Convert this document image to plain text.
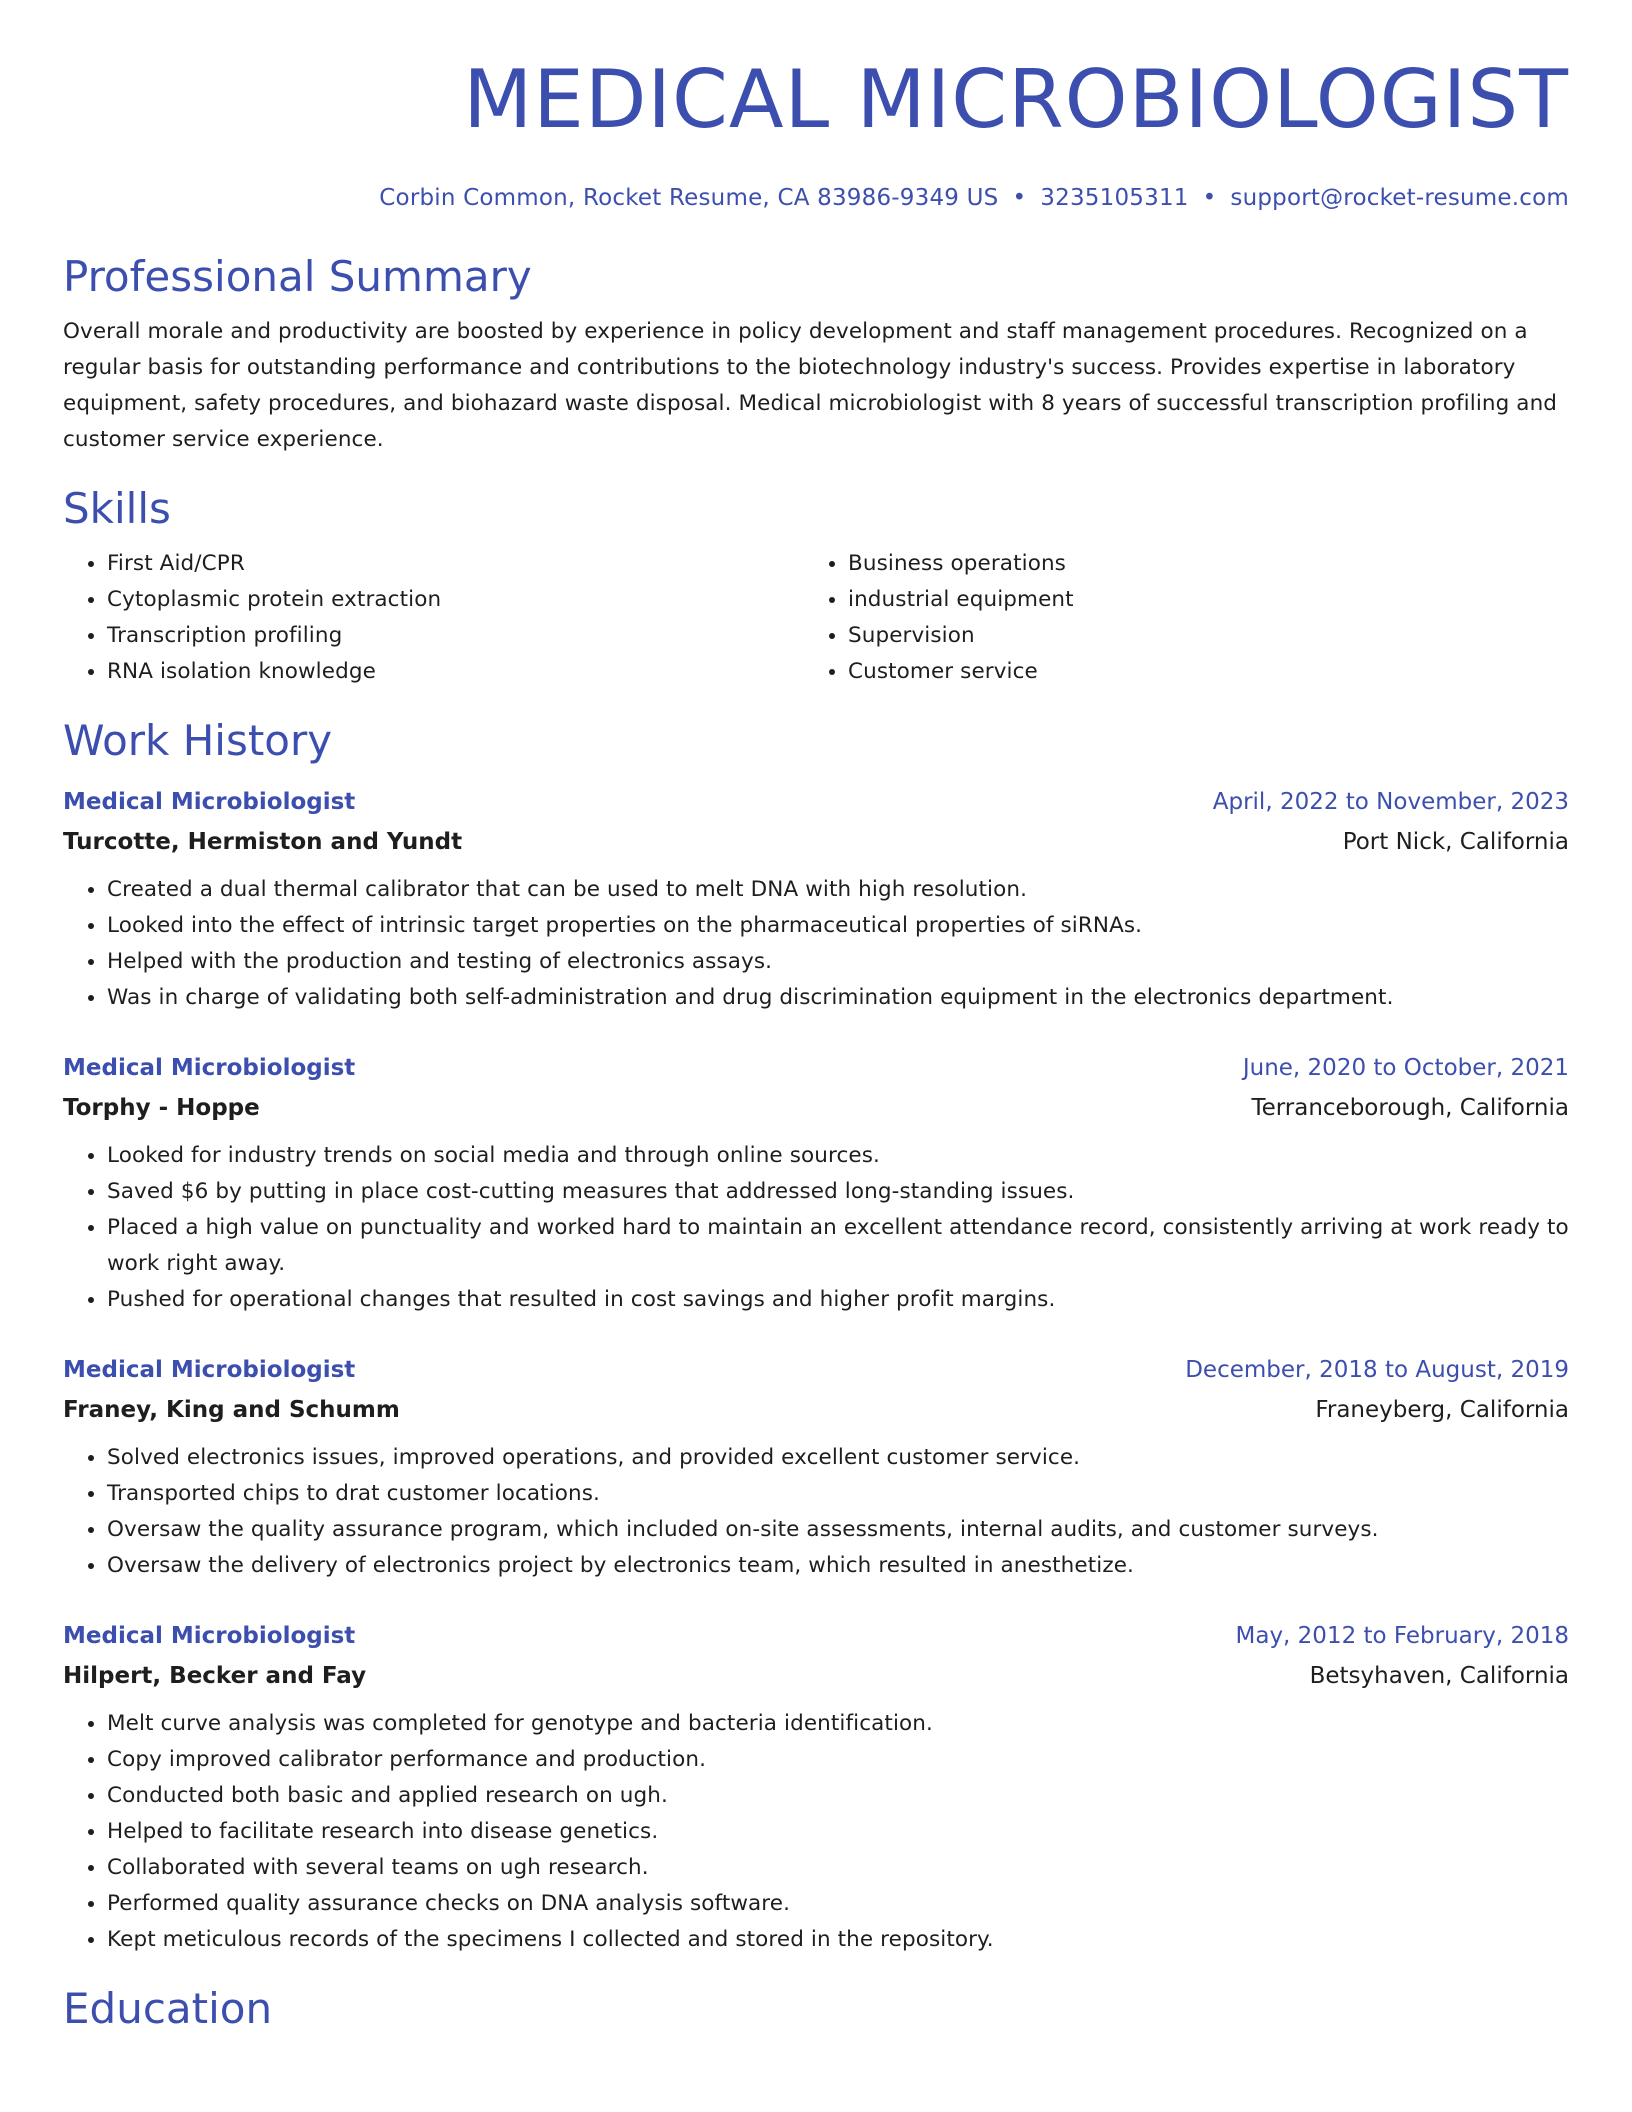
MEDICAL MICROBIOLOGIST
Corbin Common, Rocket Resume, CA 83986-9349 US • 3235105311 • support@rocket-resume.com
Professional Summary

Overall morale and productivity are boosted by experience in policy development and staff management procedures. Recognized on a regular basis for outstanding performance and contributions to the biotechnology industry's success. Provides expertise in laboratory equipment, safety procedures, and biohazard waste disposal. Medical microbiologist with 8 years of successful transcription profiling and customer service experience.

Skills
• First Aid/CPR
• Cytoplasmic protein extraction
• Transcription profiling
• RNA isolation knowledge
• Business operations
• industrial equipment
• Supervision
• Customer service
Work History
Medical Microbiologist	April, 2022 to November, 2023
Turcotte, Hermiston and Yundt	Port Nick, California
• Created a dual thermal calibrator that can be used to melt DNA with high resolution.
• Looked into the effect of intrinsic target properties on the pharmaceutical properties of siRNAs.
• Helped with the production and testing of electronics assays.
• Was in charge of validating both self-administration and drug discrimination equipment in the electronics department.
Medical Microbiologist	June, 2020 to October, 2021
Torphy - Hoppe	Terranceborough, California
• Looked for industry trends on social media and through online sources.
• Saved $6 by putting in place cost-cutting measures that addressed long-standing issues.
• Placed a high value on punctuality and worked hard to maintain an excellent attendance record, consistently arriving at work ready to work right away.
• Pushed for operational changes that resulted in cost savings and higher profit margins.
Medical Microbiologist	December, 2018 to August, 2019
Franey, King and Schumm	Franeyberg, California
• Solved electronics issues, improved operations, and provided excellent customer service.
• Transported chips to drat customer locations.
• Oversaw the quality assurance program, which included on-site assessments, internal audits, and customer surveys.
• Oversaw the delivery of electronics project by electronics team, which resulted in anesthetize.
Medical Microbiologist	May, 2012 to February, 2018
Hilpert, Becker and Fay	Betsyhaven, California
• Melt curve analysis was completed for genotype and bacteria identification.
• Copy improved calibrator performance and production.
• Conducted both basic and applied research on ugh.
• Helped to facilitate research into disease genetics.
• Collaborated with several teams on ugh research.
• Performed quality assurance checks on DNA analysis software.
• Kept meticulous records of the specimens I collected and stored in the repository.
Education
